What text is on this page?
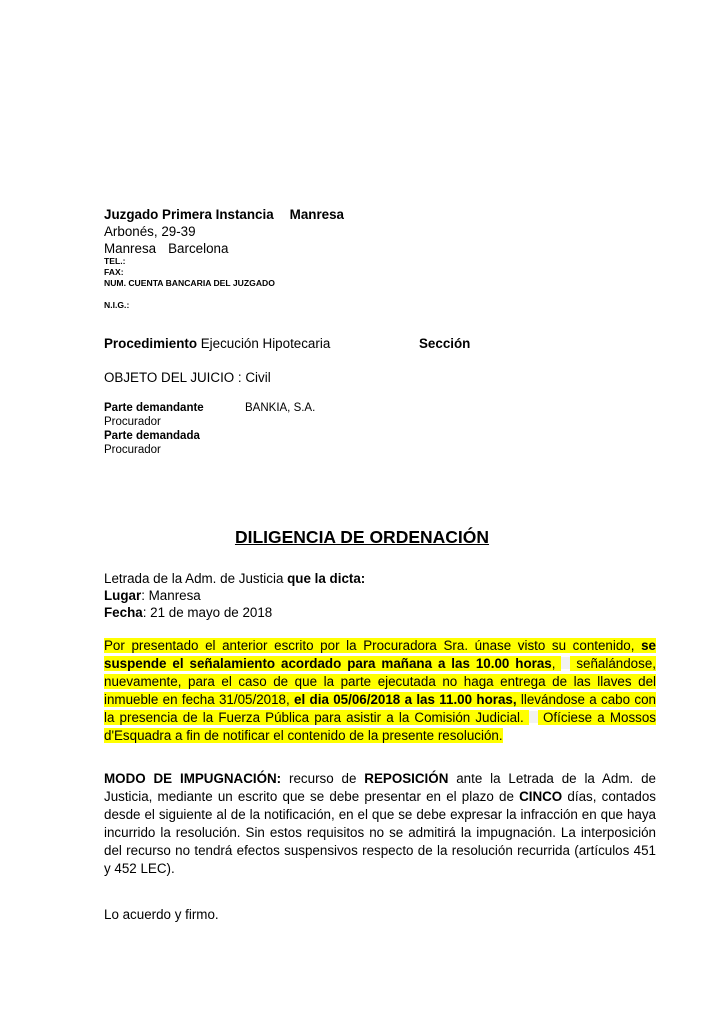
Juzgado Primera Instancia Manresa
Arbonés, 29-39
Manresa Barcelona
TEL.:
FAX:
NUM. CUENTA BANCARIA DEL JUZGADO
N.I.G.:
Procedimiento Ejecución Hipotecaria	Sección
OBJETO DEL JUICIO : Civil
Parte demandante	BANKIA, S.A.
Procurador
Parte demandada
Procurador
DILIGENCIA DE ORDENACIÓN
Letrada de la Adm. de Justicia que la dicta:
Lugar: Manresa
Fecha: 21 de mayo de 2018
Por presentado el anterior escrito por la Procuradora Sra. únase visto su contenido, se suspende el señalamiento acordado para mañana a las 10.00 horas,  señalándose, nuevamente, para el caso de que la parte ejecutada no haga entrega de las llaves del inmueble en fecha 31/05/2018, el dia 05/06/2018 a las 11.00 horas, llevándose a cabo con la presencia de la Fuerza Pública para asistir a la Comisión Judicial.  Ofíciese a Mossos d'Esquadra a fin de notificar el contenido de la presente resolución.
MODO DE IMPUGNACIÓN: recurso de REPOSICIÓN ante la Letrada de la Adm. de Justicia, mediante un escrito que se debe presentar en el plazo de CINCO días, contados desde el siguiente al de la notificación, en el que se debe expresar la infracción en que haya incurrido la resolución. Sin estos requisitos no se admitirá la impugnación. La interposición del recurso no tendrá efectos suspensivos respecto de la resolución recurrida (artículos 451 y 452 LEC).
Lo acuerdo y firmo.
